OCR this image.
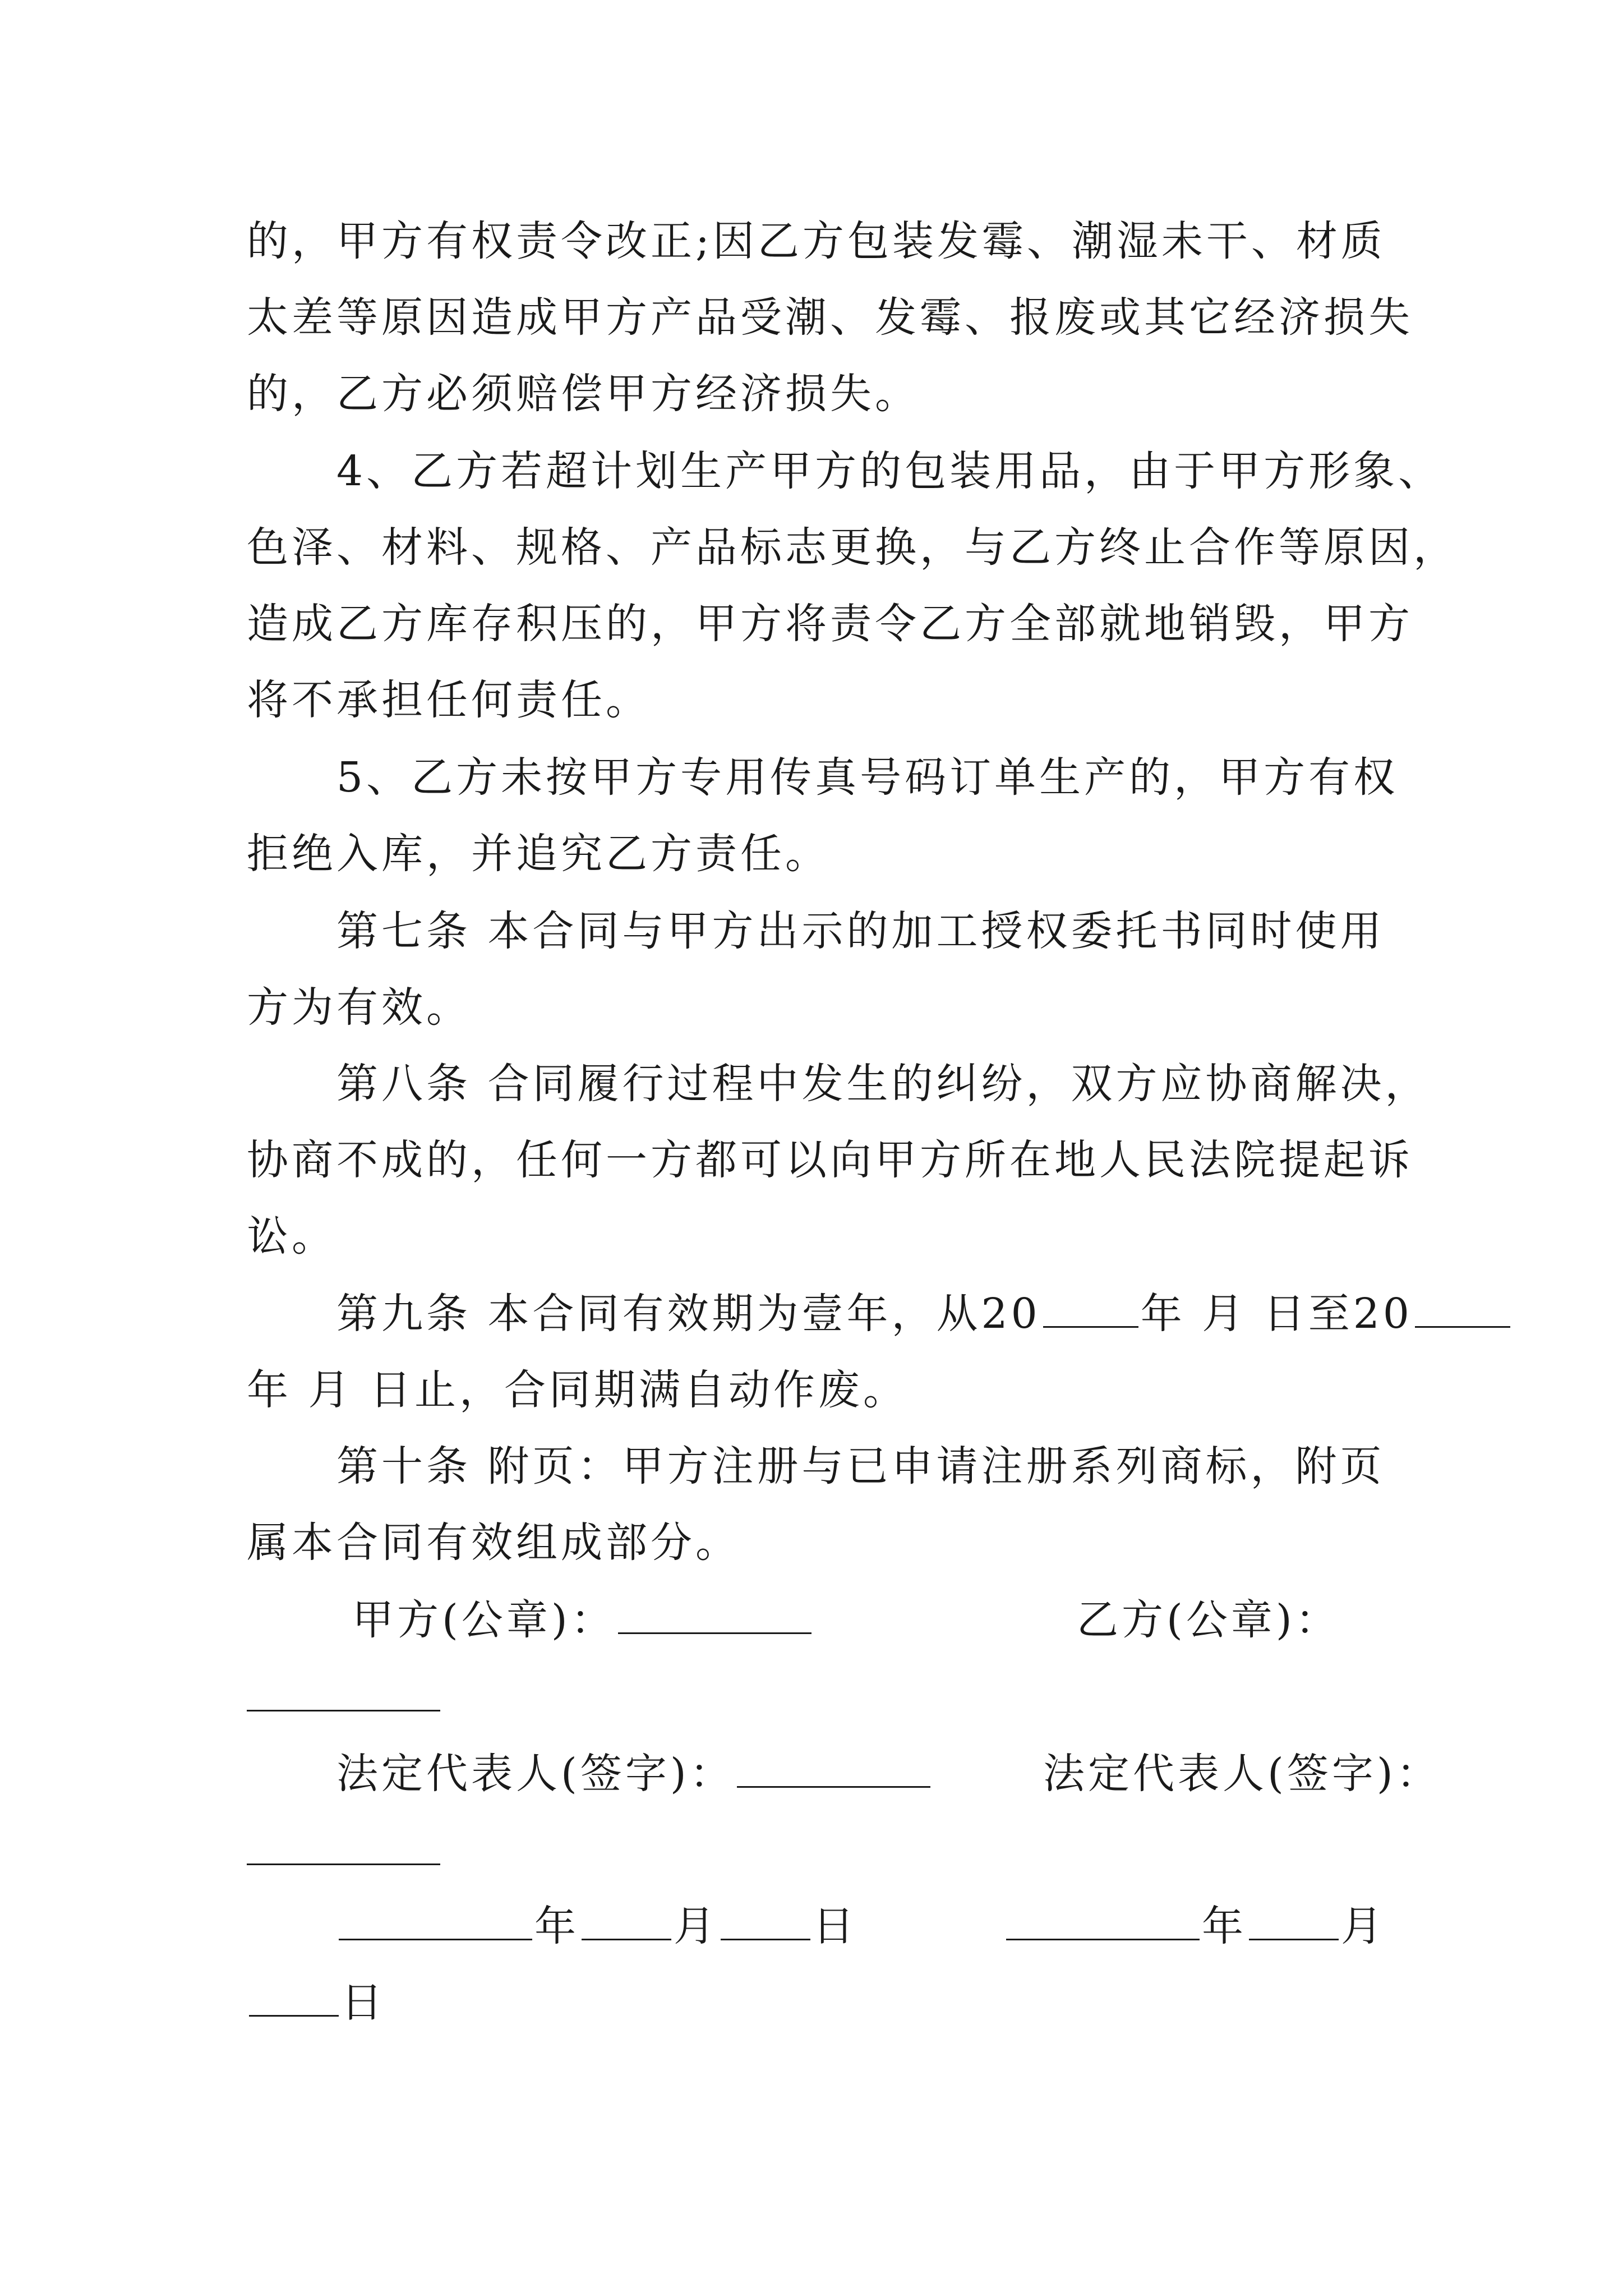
的，甲方有权责令改正;因乙方包装发霉、潮湿未干、材质
太差等原因造成甲方产品受潮、发霉、报废或其它经济损失
的，乙方必须赔偿甲方经济损失。
4、乙方若超计划生产甲方的包装用品，由于甲方形象、
色泽、材料、规格、产品标志更换，与乙方终止合作等原因，
造成乙方库存积压的，甲方将责令乙方全部就地销毁，甲方
将不承担任何责任。
5、乙方未按甲方专用传真号码订单生产的，甲方有权
拒绝入库，并追究乙方责任。
第七条 本合同与甲方出示的加工授权委托书同时使用
方为有效。
第八条 合同履行过程中发生的纠纷，双方应协商解决，
协商不成的，任何一方都可以向甲方所在地人民法院提起诉
讼。
第九条 本合同有效期为壹年，从20 年 月 日至20
年 月 日止，合同期满自动作废。
第十条 附页：甲方注册与已申请注册系列商标，附页
属本合同有效组成部分。
甲方(公章)：	乙方(公章)：
法定代表人(签字)：	法定代表人(签字)：
年 月 日	年 月
日
